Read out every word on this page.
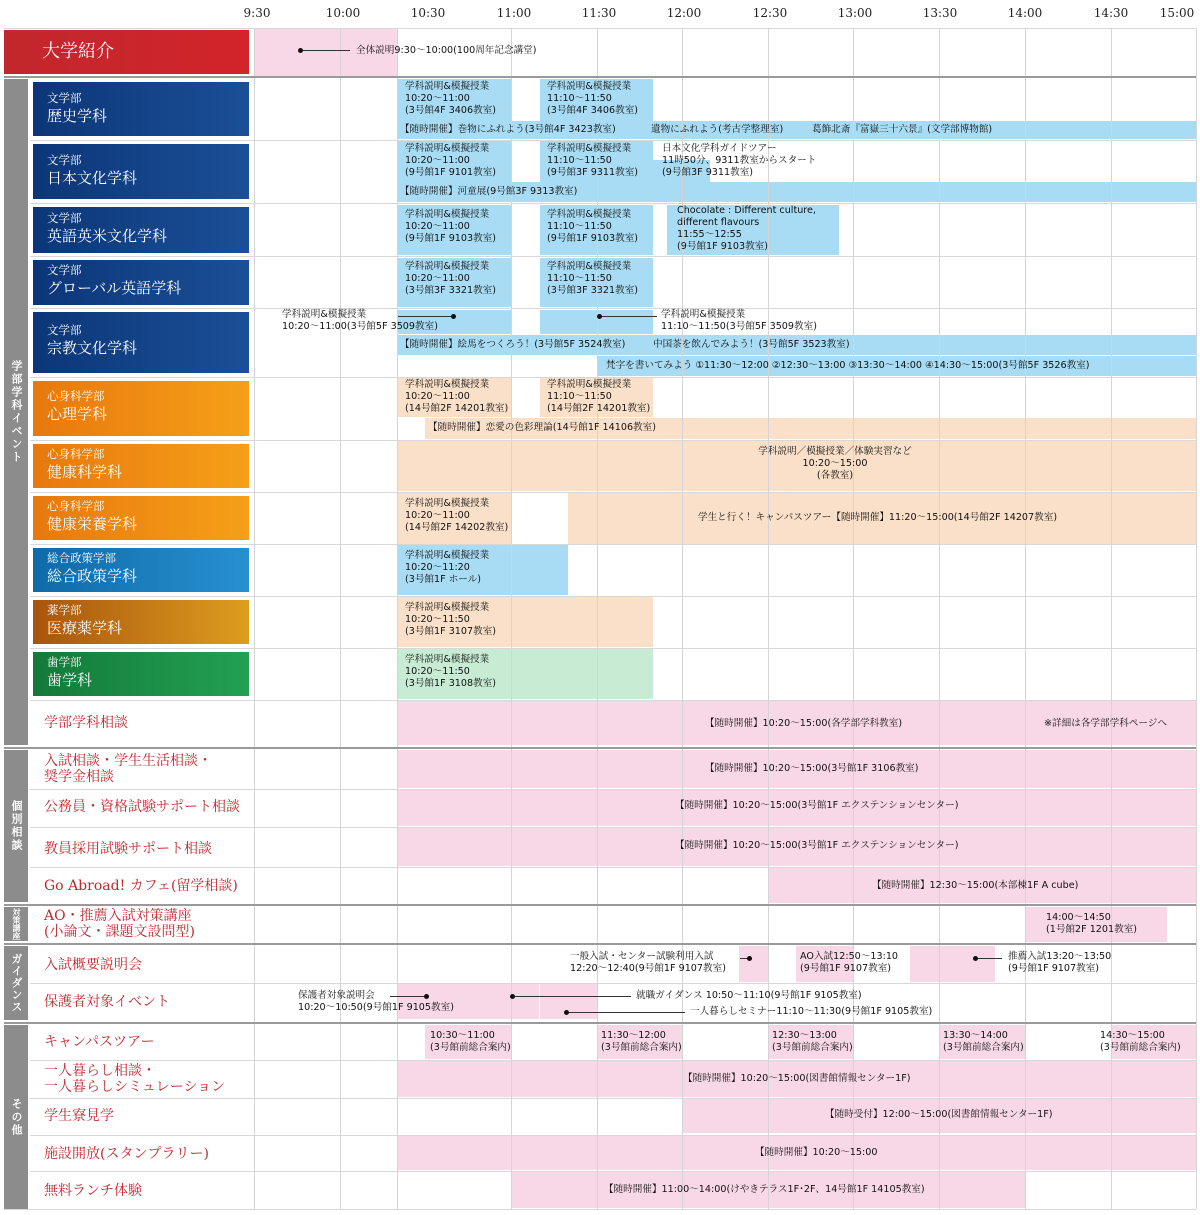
9:30	10:00	10:30	11:00	11:30	12:00	12:30	13:00	13:30	14:00	14:30	15:00
大学紹介	全体説明9:30～10:00(100周年記念講堂)
学部学科イベント
個別相談
対策講座
ガイダンス
その他
文学部
歴史学科
文学部
日本文化学科
文学部
英語英米文化学科
文学部
グローバル英語学科
文学部
宗教文化学科
心身科学部
心理学科
心身科学部
健康科学科
心身科学部
健康栄養学科
総合政策学部
総合政策学科
薬学部
医療薬学科
歯学部
歯学科
学科説明&模擬授業
10:20～11:00
(3号館4F 3406教室)
学科説明&模擬授業
11:10～11:50
(3号館4F 3406教室)
【随時開催】巻物にふれよう(3号館4F 3423教室)	遺物にふれよう(考古学整理室)	葛飾北斎『富嶽三十六景』(文学部博物館)
学科説明&模擬授業
10:20～11:00
(9号館1F 9101教室)
学科説明&模擬授業
11:10～11:50
(9号館3F 9311教室)
日本文化学科ガイドツアー
11時50分、9311教室からスタート
(9号館3F 9311教室)
【随時開催】河童展(9号館3F 9313教室)
学科説明&模擬授業
10:20～11:00
(9号館1F 9103教室)
学科説明&模擬授業
11:10～11:50
(9号館1F 9103教室)
Chocolate : Different culture,
different flavours
11:55～12:55
(9号館1F 9103教室)
学科説明&模擬授業
10:20～11:00
(3号館3F 3321教室)
学科説明&模擬授業
11:10～11:50
(3号館3F 3321教室)
学科説明&模擬授業
10:20～11:00(3号館5F 3509教室)
学科説明&模擬授業
11:10～11:50(3号館5F 3509教室)
【随時開催】絵馬をつくろう！(3号館5F 3524教室)	中国茶を飲んでみよう！(3号館5F 3523教室)
梵字を書いてみよう ①11:30～12:00 ②12:30～13:00 ③13:30～14:00 ④14:30～15:00(3号館5F 3526教室)
学科説明&模擬授業
10:20～11:00
(14号館2F 14201教室)
学科説明&模擬授業
11:10～11:50
(14号館2F 14201教室)
【随時開催】恋愛の色彩理論(14号館1F 14106教室)
学科説明／模擬授業／体験実習など
10:20～15:00
(各教室)
学科説明&模擬授業
10:20～11:00
(14号館2F 14202教室)
学生と行く！キャンパスツアー【随時開催】11:20～15:00(14号館2F 14207教室)
学科説明&模擬授業
10:20～11:20
(3号館1F ホール)
学科説明&模擬授業
10:20～11:50
(3号館1F 3107教室)
学科説明&模擬授業
10:20～11:50
(3号館1F 3108教室)
学部学科相談	【随時開催】10:20～15:00(各学部学科教室)	※詳細は各学部学科ページへ
入試相談・学生生活相談・
奨学金相談
【随時開催】10:20～15:00(3号館1F 3106教室)
公務員・資格試験サポート相談	【随時開催】10:20～15:00(3号館1F エクステンションセンター)
教員採用試験サポート相談	【随時開催】10:20～15:00(3号館1F エクステンションセンター)
Go Abroad! カフェ(留学相談)	【随時開催】12:30～15:00(本部棟1F A cube)
AO・推薦入試対策講座
(小論文・課題文設問型)
14:00～14:50
(1号館2F 1201教室)
入試概要説明会
一般入試・センター試験利用入試
12:20～12:40(9号館1F 9107教室)
AO入試12:50～13:10
(9号館1F 9107教室)
推薦入試13:20～13:50
(9号館1F 9107教室)
保護者対象イベント	保護者対象説明会
10:20～10:50(9号館1F 9105教室)
就職ガイダンス 10:50～11:10(9号館1F 9105教室)
一人暮らしセミナー11:10～11:30(9号館1F 9105教室)
キャンパスツアー	10:30～11:00
(3号館前総合案内)
11:30～12:00
(3号館前総合案内)
12:30～13:00
(3号館前総合案内)
13:30～14:00
(3号館前総合案内)
14:30～15:00
(3号館前総合案内)
一人暮らし相談・
一人暮らしシミュレーション
【随時開催】10:20～15:00(図書館情報センター1F)
学生寮見学	【随時受付】12:00～15:00(図書館情報センター1F)
施設開放(スタンプラリー)	【随時開催】10:20～15:00
無料ランチ体験	【随時開催】11:00～14:00(けやきテラス1F･2F、14号館1F 14105教室)
